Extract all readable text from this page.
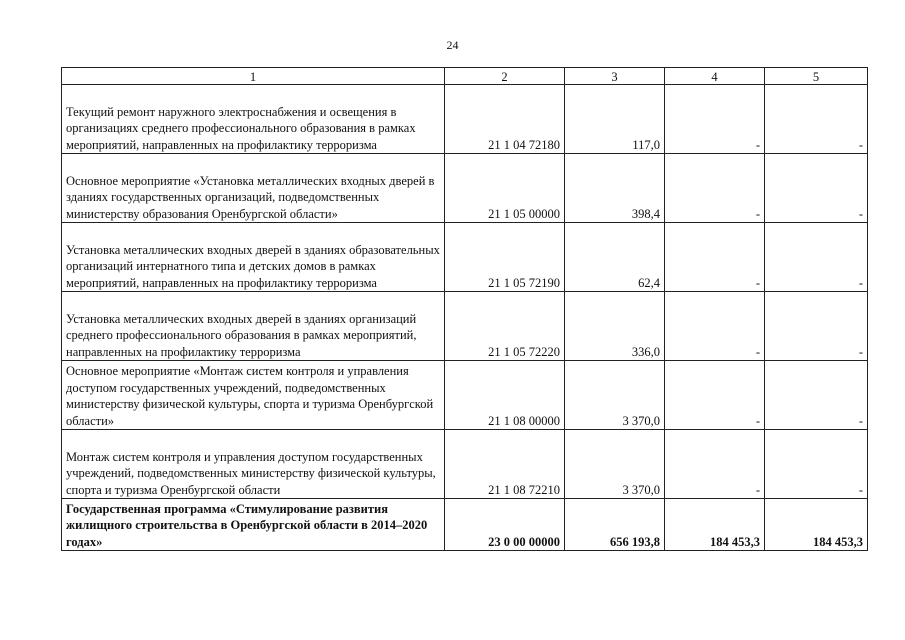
24
1	2	3	4	5
Текущий ремонт наружного электроснабжения и освещения в организациях среднего профессионального образования в рамках мероприятий, направленных на профилактику терроризма	21 1 04 72180	117,0	-	-
Основное мероприятие «Установка металлических входных дверей в зданиях государственных организаций, подведомственных министерству образования Оренбургской области»	21 1 05 00000	398,4	-	-
Установка металлических входных дверей в зданиях образовательных организаций интернатного типа и детских домов в рамках мероприятий, направленных на профилактику терроризма	21 1 05 72190	62,4	-	-
Установка металлических входных дверей в зданиях организаций среднего профессионального образования в рамках мероприятий, направленных на профилактику терроризма	21 1 05 72220	336,0	-	-
Основное мероприятие «Монтаж систем контроля и управления доступом государственных учреждений, подведомственных министерству физической культуры, спорта и туризма Оренбургской области»	21 1 08 00000	3 370,0	-	-
Монтаж систем контроля и управления доступом государственных учреждений, подведомственных министерству физической культуры, спорта и туризма Оренбургской области	21 1 08 72210	3 370,0	-	-
Государственная программа «Стимулирование развития жилищного строительства в Оренбургской области в 2014–2020 годах»	23 0 00 00000	656 193,8	184 453,3	184 453,3
